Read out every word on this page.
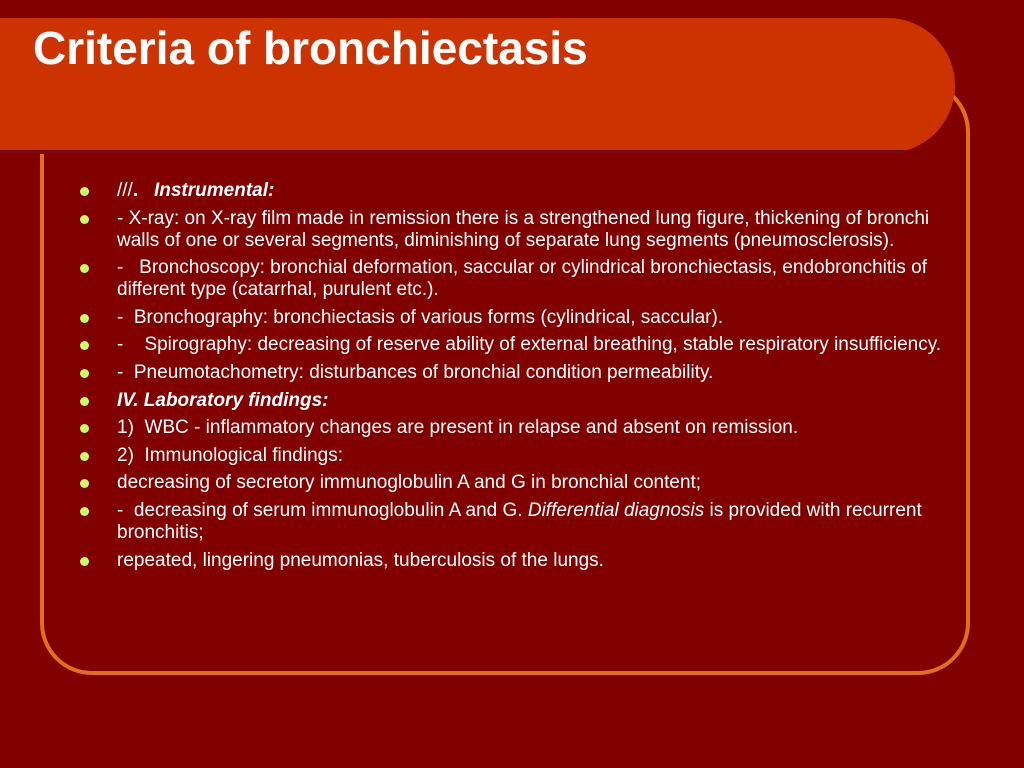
Criteria of bronchiectasis
///. Instrumental:
- X-ray: on X-ray film made in remission there is a strengthened lung figure, thickening of bronchi walls of one or several segments, diminishing of separate lung segments (pneumosclerosis).
-   Bronchoscopy: bronchial deformation, saccular or cylindrical bronchiectasis, endobronchitis of different type (catarrhal, purulent etc.).
-  Bronchography: bronchiectasis of various forms (cylindrical, saccular).
-    Spirography: decreasing of reserve ability of external breathing, stable respiratory insufficiency.
-  Pneumotachometry: disturbances of bronchial condition permeability.
IV. Laboratory findings:
1)  WBC - inflammatory changes are present in relapse and absent on remission.
2)  Immunological findings:
decreasing of secretory immunoglobulin A and G in bronchial content;
-  decreasing of serum immunoglobulin A and G. Differential diagnosis is provided with recurrent bronchitis;
repeated, lingering pneumonias, tuberculosis of the lungs.
